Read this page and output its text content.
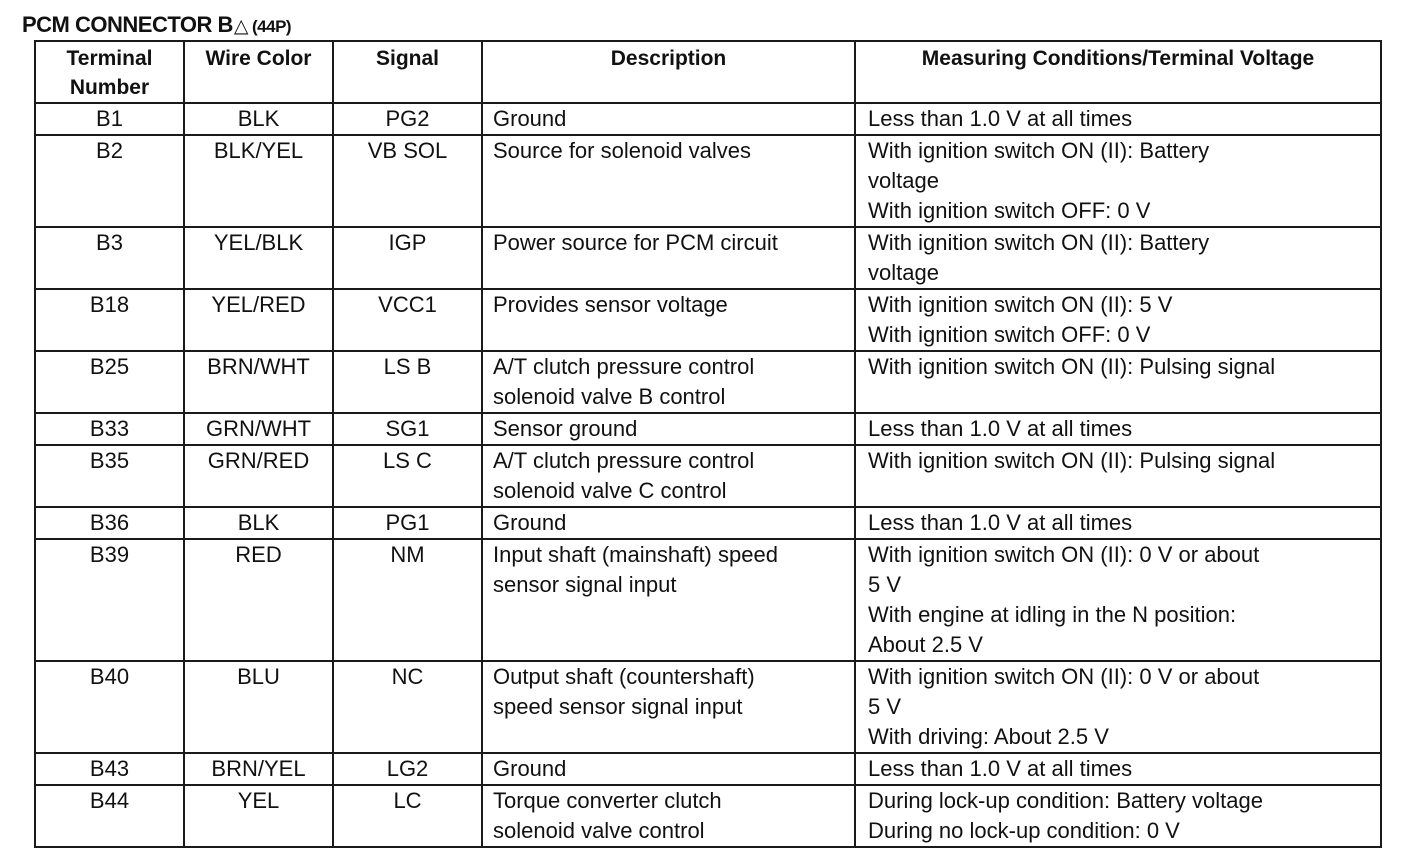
PCM CONNECTOR B△ (44P)
Terminal Number	Wire Color	Signal	Description	Measuring Conditions/Terminal Voltage
B1	BLK	PG2	Ground	Less than 1.0 V at all times

B2	BLK/YEL	VB SOL	Source for solenoid valves	With ignition switch ON (II): Battery
voltage
With ignition switch OFF: 0 V

B3	YEL/BLK	IGP	Power source for PCM circuit	With ignition switch ON (II): Battery
voltage

B18	YEL/RED	VCC1	Provides sensor voltage	With ignition switch ON (II): 5 V
With ignition switch OFF: 0 V

B25	BRN/WHT	LS B	A/T clutch pressure control
solenoid valve B control	With ignition switch ON (II): Pulsing signal

B33	GRN/WHT	SG1	Sensor ground	Less than 1.0 V at all times

B35	GRN/RED	LS C	A/T clutch pressure control
solenoid valve C control	With ignition switch ON (II): Pulsing signal

B36	BLK	PG1	Ground	Less than 1.0 V at all times

B39	RED	NM	Input shaft (mainshaft) speed
sensor signal input	With ignition switch ON (II): 0 V or about
5 V
With engine at idling in the N position:
About 2.5 V

B40	BLU	NC	Output shaft (countershaft)
speed sensor signal input	With ignition switch ON (II): 0 V or about
5 V
With driving: About 2.5 V

B43	BRN/YEL	LG2	Ground	Less than 1.0 V at all times

B44	YEL	LC	Torque converter clutch
solenoid valve control	During lock-up condition: Battery voltage
During no lock-up condition: 0 V
